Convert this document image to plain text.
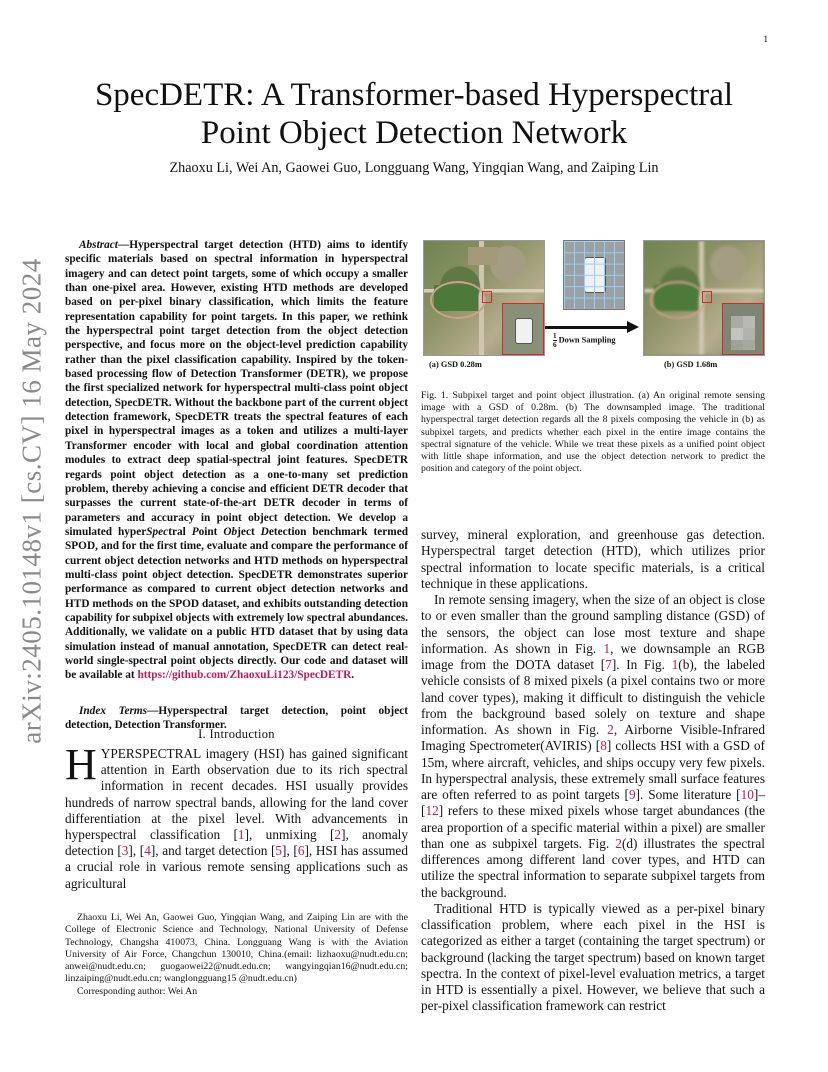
1
arXiv:2405.10148v1 [cs.CV] 16 May 2024
SpecDETR: A Transformer-based Hyperspectral
Point Object Detection Network
Zhaoxu Li, Wei An, Gaowei Guo, Longguang Wang, Yingqian Wang, and Zaiping Lin
Abstract—Hyperspectral target detection (HTD) aims to identify specific materials based on spectral information in hyperspectral imagery and can detect point targets, some of which occupy a smaller than one-pixel area. However, existing HTD methods are developed based on per-pixel binary classification, which limits the feature representation capability for point targets. In this paper, we rethink the hyperspectral point target detection from the object detection perspective, and focus more on the object-level prediction capability rather than the pixel classification capability. Inspired by the token-based processing flow of Detection Transformer (DETR), we propose the first specialized network for hyperspectral multi-class point object detection, SpecDETR. Without the backbone part of the current object detection framework, SpecDETR treats the spectral features of each pixel in hyperspectral images as a token and utilizes a multi-layer Transformer encoder with local and global coordination attention modules to extract deep spatial-spectral joint features. SpecDETR regards point object detection as a one-to-many set prediction problem, thereby achieving a concise and efficient DETR decoder that surpasses the current state-of-the-art DETR decoder in terms of parameters and accuracy in point object detection. We develop a simulated hyperSpectral Point Object Detection benchmark termed SPOD, and for the first time, evaluate and compare the performance of current object detection networks and HTD methods on hyperspectral multi-class point object detection. SpecDETR demonstrates superior performance as compared to current object detection networks and HTD methods on the SPOD dataset, and exhibits outstanding detection capability for subpixel objects with extremely low spectral abundances. Additionally, we validate on a public HTD dataset that by using data simulation instead of manual annotation, SpecDETR can detect real-world single-spectral point objects directly. Our code and dataset will be available at https://github.com/ZhaoxuLi123/SpecDETR.
Index Terms—Hyperspectral target detection, point object detection, Detection Transformer.
I. Introduction
HYPERSPECTRAL imagery (HSI) has gained significant attention in Earth observation due to its rich spectral information in recent decades. HSI usually provides hundreds of narrow spectral bands, allowing for the land cover differentiation at the pixel level. With advancements in hyperspectral classification [1], unmixing [2], anomaly detection [3], [4], and target detection [5], [6], HSI has assumed a crucial role in various remote sensing applications such as agricultural

Zhaoxu Li, Wei An, Gaowei Guo, Yingqian Wang, and Zaiping Lin are with the College of Electronic Science and Technology, National University of Defense Technology, Changsha 410073, China. Longguang Wang is with the Aviation University of Air Force, Changchun 130010, China.(email: lizhaoxu@nudt.edu.cn; anwei@nudt.edu.cn; guogaowei22@nudt.edu.cn; wangyingqian16@nudt.edu.cn; linzaiping@nudt.edu.cn; wanglongguang15 @nudt.edu.cn)

Corresponding author: Wei An

$\frac{1}{6}$ Down Sampling
(a) GSD 0.28m	(b) GSD 1.68m
Fig. 1. Subpixel target and point object illustration. (a) An original remote sensing image with a GSD of 0.28m. (b) The downsampled image. The traditional hyperspectral target detection regards all the 8 pixels composing the vehicle in (b) as subpixel targets, and predicts whether each pixel in the entire image contains the spectral signature of the vehicle. While we treat these pixels as a unified point object with little shape information, and use the object detection network to predict the position and category of the point object.

survey, mineral exploration, and greenhouse gas detection. Hyperspectral target detection (HTD), which utilizes prior spectral information to locate specific materials, is a critical technique in these applications.

In remote sensing imagery, when the size of an object is close to or even smaller than the ground sampling distance (GSD) of the sensors, the object can lose most texture and shape information. As shown in Fig. 1, we downsample an RGB image from the DOTA dataset [7]. In Fig. 1(b), the labeled vehicle consists of 8 mixed pixels (a pixel contains two or more land cover types), making it difficult to distinguish the vehicle from the background based solely on texture and shape information. As shown in Fig. 2, Airborne Visible-Infrared Imaging Spectrometer(AVIRIS) [8] collects HSI with a GSD of 15m, where aircraft, vehicles, and ships occupy very few pixels. In hyperspectral analysis, these extremely small surface features are often referred to as point targets [9]. Some literature [10]–[12] refers to these mixed pixels whose target abundances (the area proportion of a specific material within a pixel) are smaller than one as subpixel targets. Fig. 2(d) illustrates the spectral differences among different land cover types, and HTD can utilize the spectral information to separate subpixel targets from the background.

Traditional HTD is typically viewed as a per-pixel binary classification problem, where each pixel in the HSI is categorized as either a target (containing the target spectrum) or background (lacking the target spectrum) based on known target spectra. In the context of pixel-level evaluation metrics, a target in HTD is essentially a pixel. However, we believe that such a per-pixel classification framework can restrict
